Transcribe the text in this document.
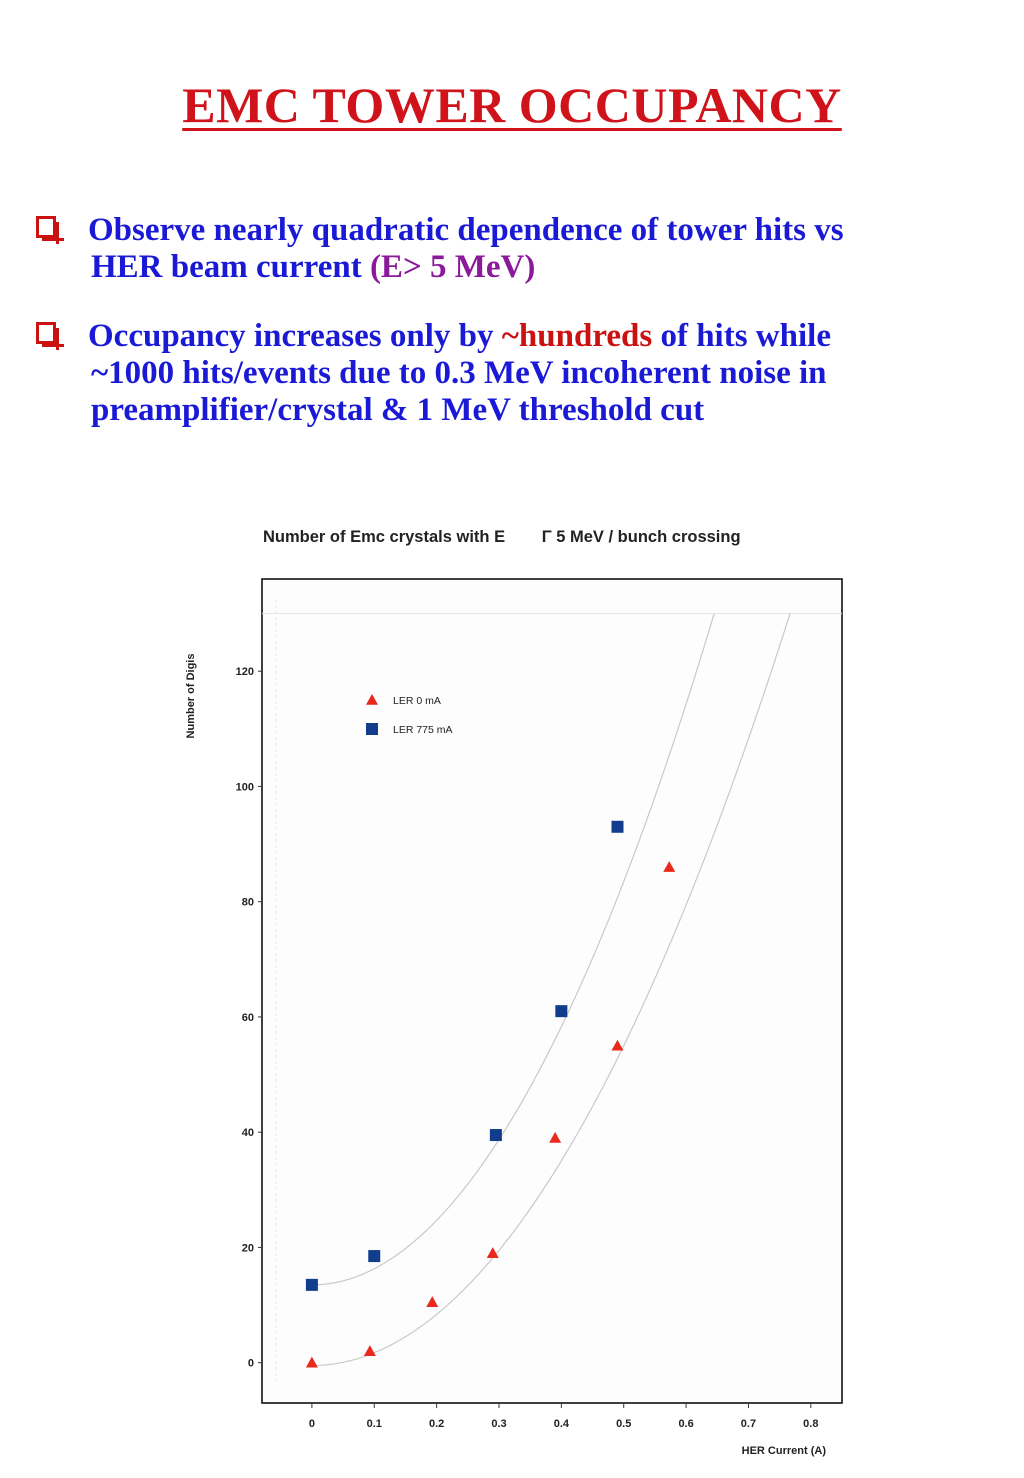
EMC TOWER OCCUPANCY
Observe nearly quadratic dependence of tower hits vs
HER beam current (E> 5 MeV)
Occupancy increases only by ~hundreds of hits while
~1000 hits/events due to 0.3 MeV incoherent noise in
preamplifier/crystal & 1 MeV threshold cut
Number of Emc crystals with E        Γ 5 MeV / bunch crossing
Number of Digis
HER Current (A)
0
20
40
60
80
100
120
0	0.1	0.2	0.3	0.4	0.5	0.6	0.7	0.8
LER 0 mA
LER 775 mA
